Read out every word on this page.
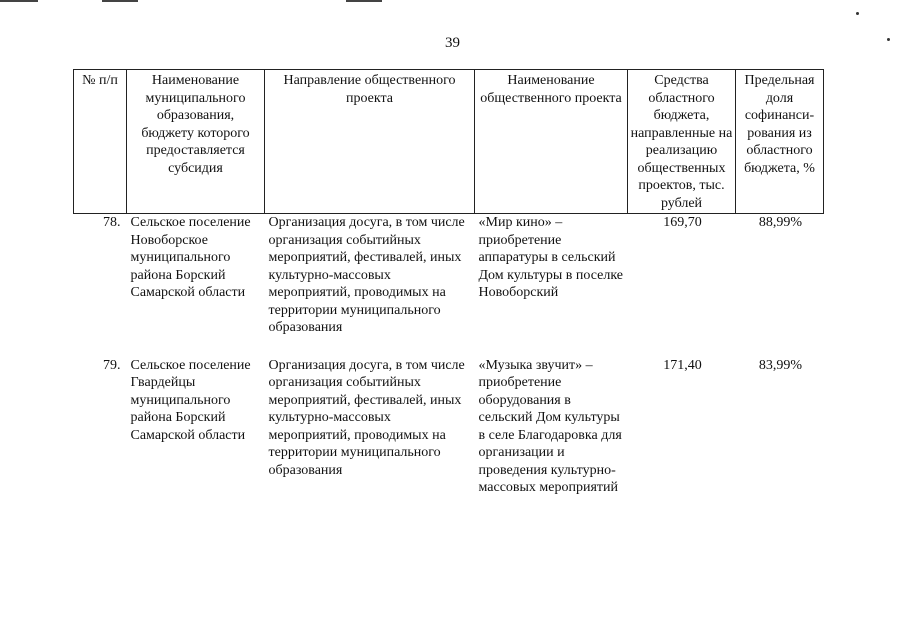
39
№ п/п	Наименование муниципального образования, бюджету которого предоставляется субсидия	Направление общественного проекта	Наименование общественного проекта	Средства областного бюджета, направленные на реализацию общественных проектов, тыс. рублей	Предельная доля софинанси-рования из областного бюджета, %
78.	Сельское поселение Новоборское муниципального района Борский Самарской области	Организация досуга, в том числе организация событийных мероприятий, фестивалей, иных культурно-массовых мероприятий, проводимых на территории муниципального образования	«Мир кино» – приобретение аппаратуры в сельский Дом культуры в поселке Новоборский	169,70	88,99%
79.	Сельское поселение Гвардейцы муниципального района Борский Самарской области	Организация досуга, в том числе организация событийных мероприятий, фестивалей, иных культурно-массовых мероприятий, проводимых на территории муниципального образования	«Музыка звучит» – приобретение оборудования в сельский Дом культуры в селе Благодаровка для организации и проведения культурно-массовых мероприятий	171,40	83,99%
